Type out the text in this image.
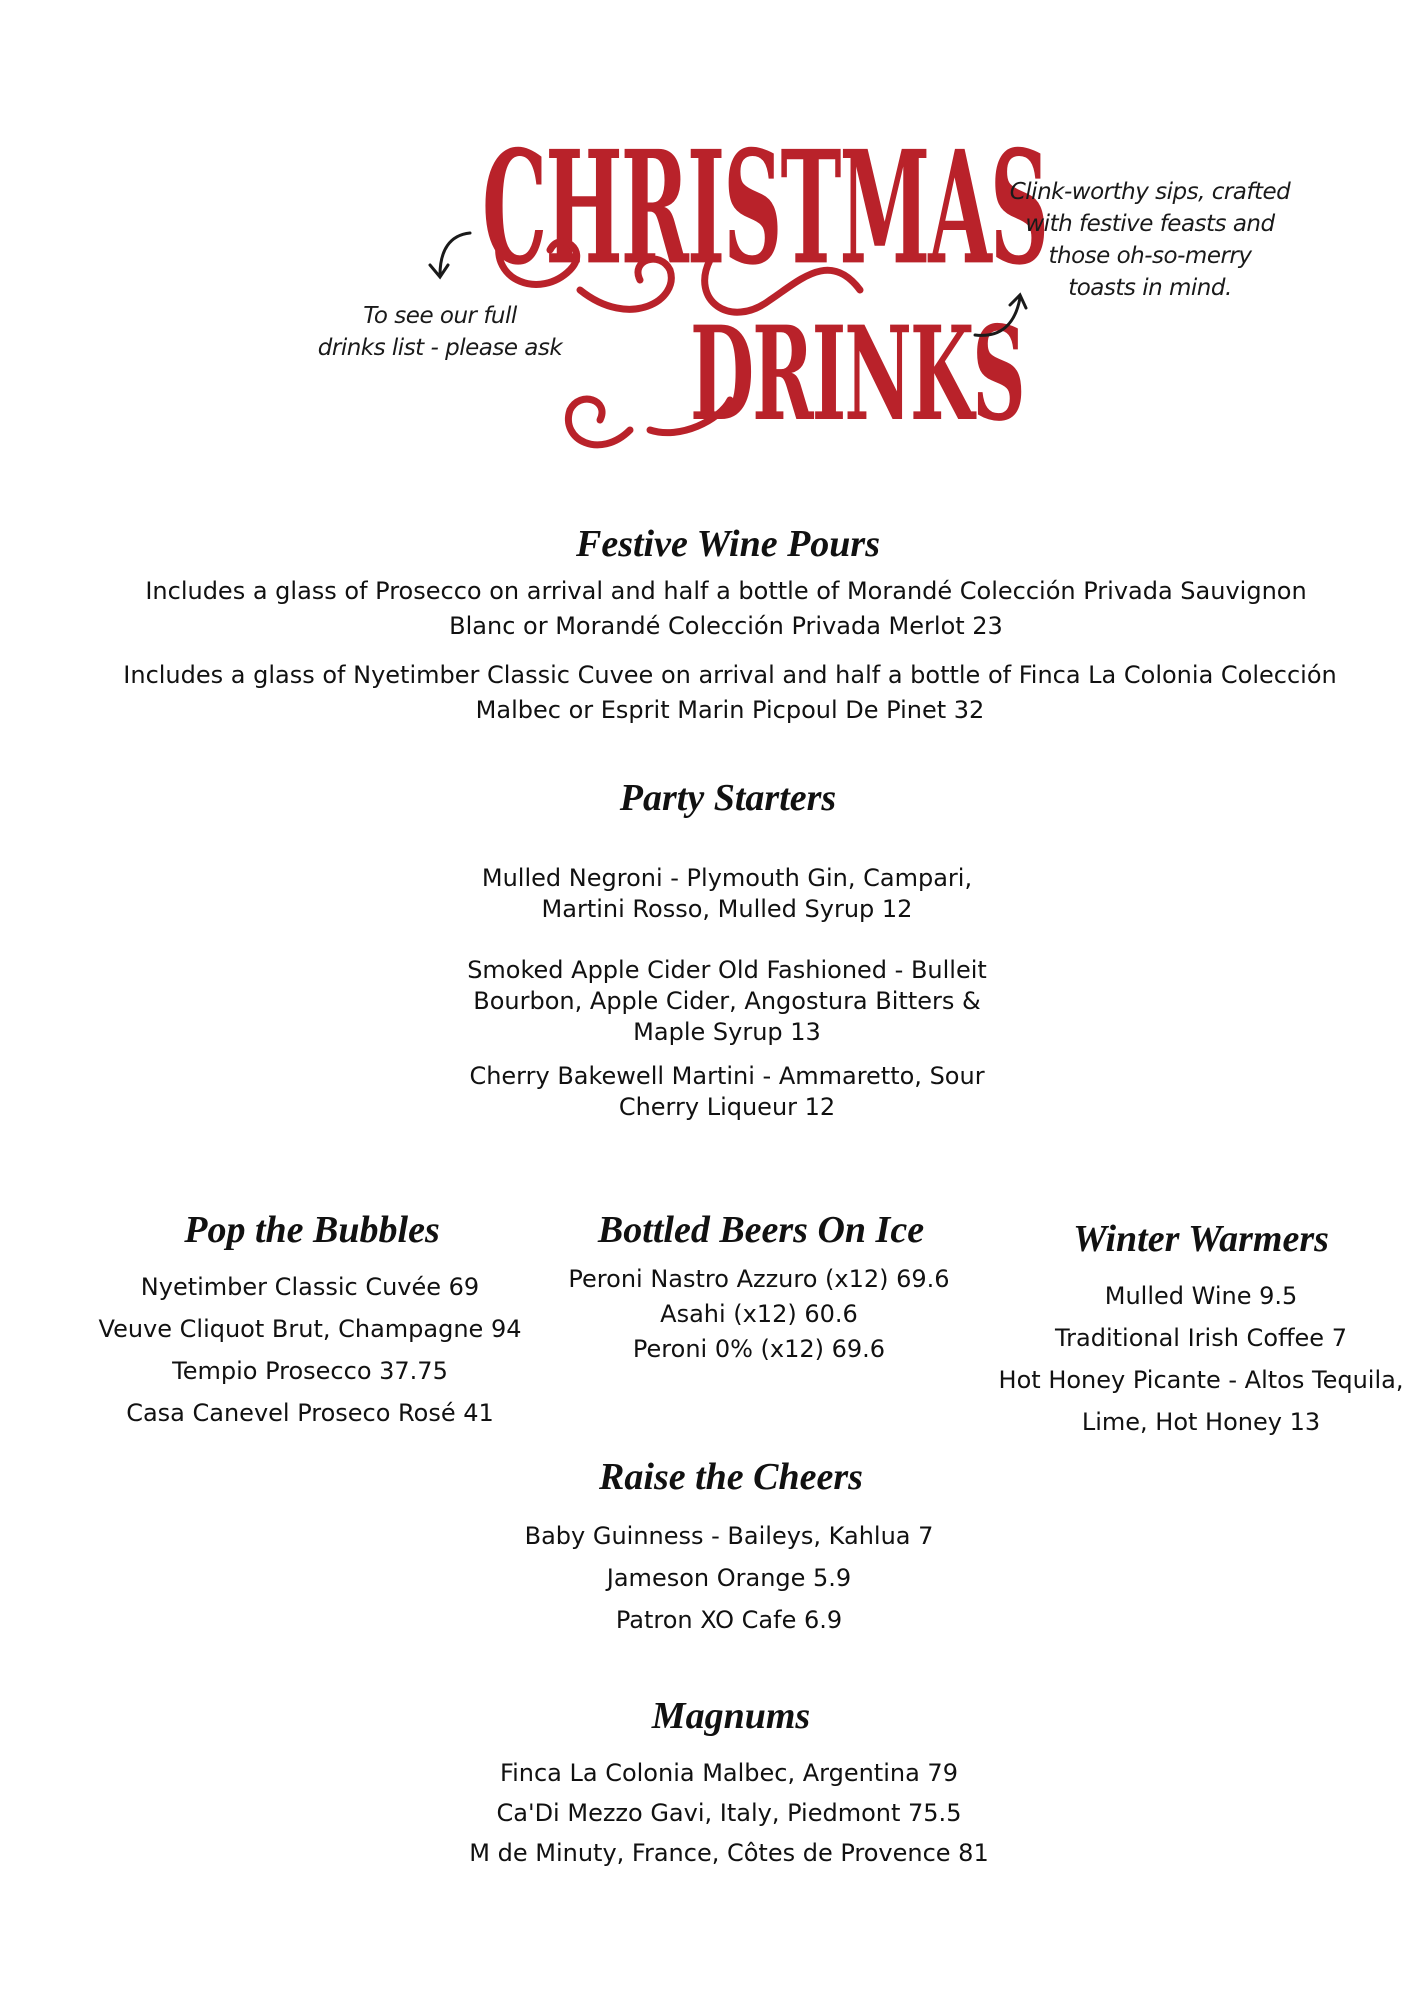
CHRISTMAS
DRINKS
To see our full
drinks list - please ask
Clink-worthy sips, crafted
with festive feasts and
those oh-so-merry
toasts in mind.
Festive Wine Pours
Includes a glass of Prosecco on arrival and half a bottle of Morandé Colección Privada Sauvignon
Blanc or Morandé Colección Privada Merlot 23
Includes a glass of Nyetimber Classic Cuvee on arrival and half a bottle of Finca La Colonia Colección
Malbec or Esprit Marin Picpoul De Pinet 32
Party Starters
Mulled Negroni - Plymouth Gin, Campari,
Martini Rosso, Mulled Syrup 12
Smoked Apple Cider Old Fashioned - Bulleit
Bourbon, Apple Cider, Angostura Bitters &
Maple Syrup 13
Cherry Bakewell Martini - Ammaretto, Sour
Cherry Liqueur 12
Pop the Bubbles
Nyetimber Classic Cuvée 69
Veuve Cliquot Brut, Champagne 94
Tempio Prosecco 37.75
Casa Canevel Proseco Rosé 41
Bottled Beers On Ice
Peroni Nastro Azzuro (x12) 69.6
Asahi (x12) 60.6
Peroni 0% (x12) 69.6
Winter Warmers
Mulled Wine 9.5
Traditional Irish Coffee 7
Hot Honey Picante - Altos Tequila,
Lime, Hot Honey 13
Raise the Cheers
Baby Guinness - Baileys, Kahlua 7
Jameson Orange 5.9
Patron XO Cafe 6.9
Magnums
Finca La Colonia Malbec, Argentina 79
Ca'Di Mezzo Gavi, Italy, Piedmont 75.5
M de Minuty, France, Côtes de Provence 81
